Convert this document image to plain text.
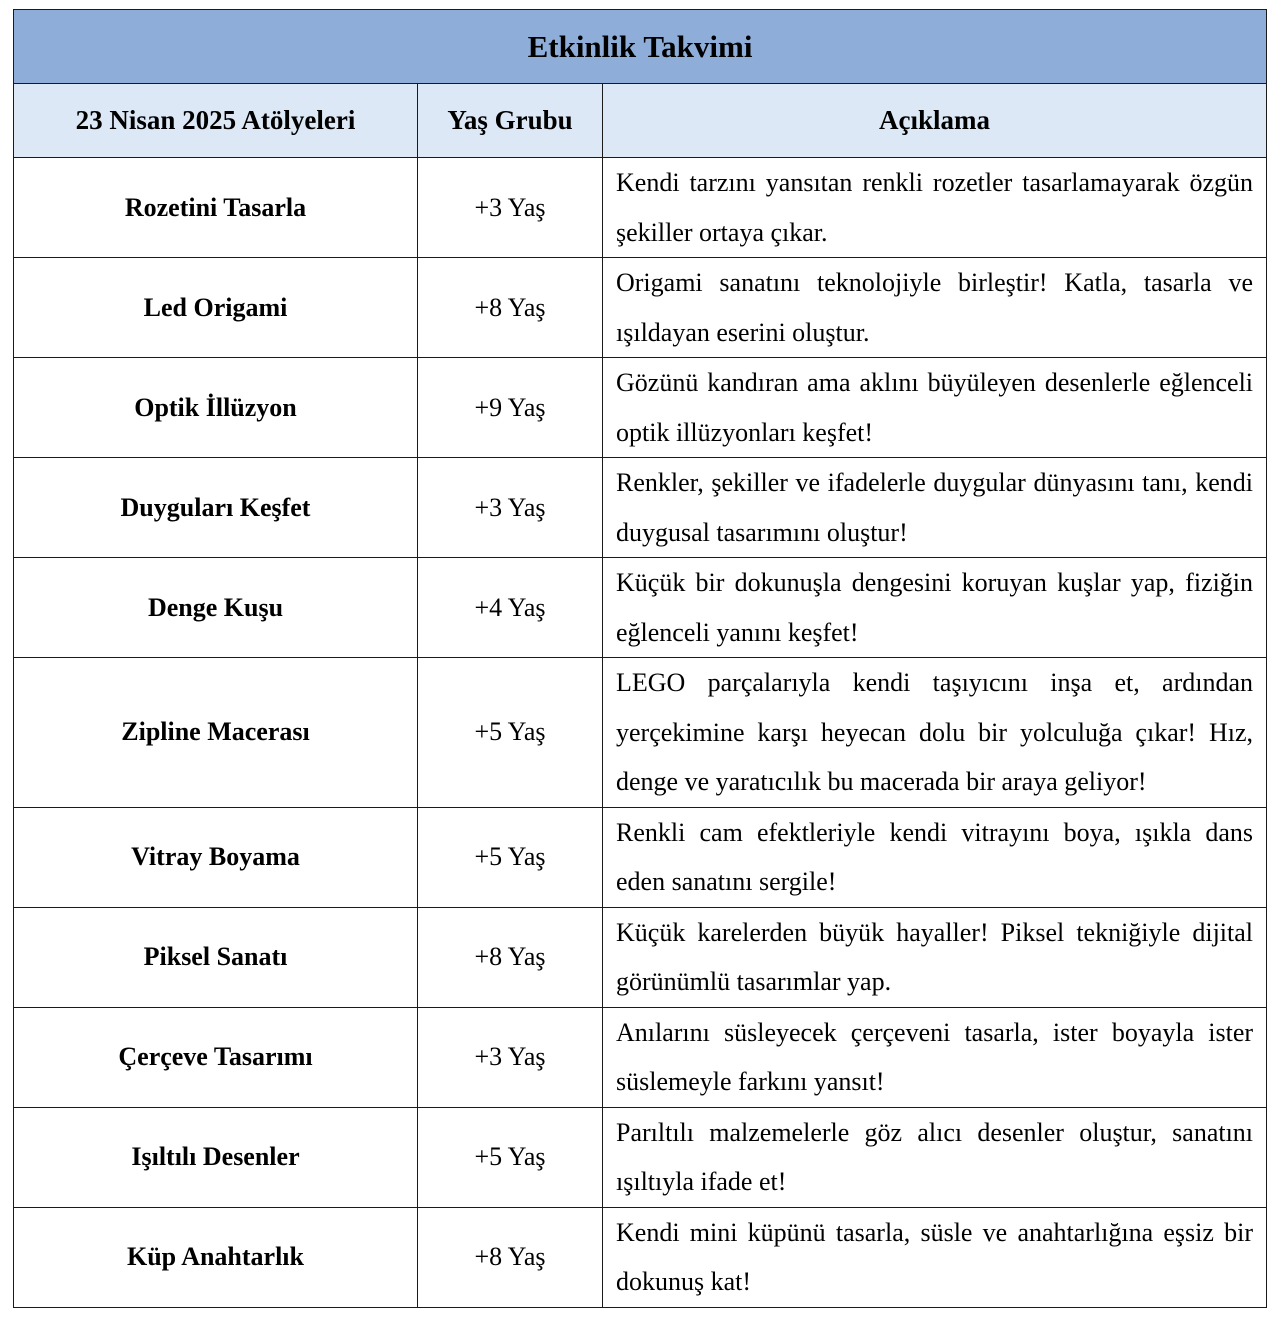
Etkinlik Takvimi		
23 Nisan 2025 Atölyeleri	Yaş Grubu	Açıklama
Rozetini Tasarla	+3 Yaş	Kendi tarzını yansıtan renkli rozetler tasarlamayarak özgün şekiller ortaya çıkar.
Led Origami	+8 Yaş	Origami sanatını teknolojiyle birleştir! Katla, tasarla ve ışıldayan eserini oluştur.
Optik İllüzyon	+9 Yaş	Gözünü kandıran ama aklını büyüleyen desenlerle eğlenceli optik illüzyonları keşfet!
Duyguları Keşfet	+3 Yaş	Renkler, şekiller ve ifadelerle duygular dünyasını tanı, kendi duygusal tasarımını oluştur!
Denge Kuşu	+4 Yaş	Küçük bir dokunuşla dengesini koruyan kuşlar yap, fiziğin eğlenceli yanını keşfet!
Zipline Macerası	+5 Yaş	LEGO parçalarıyla kendi taşıyıcını inşa et, ardından yerçekimine karşı heyecan dolu bir yolculuğa çıkar! Hız, denge ve yaratıcılık bu macerada bir araya geliyor!
Vitray Boyama	+5 Yaş	Renkli cam efektleriyle kendi vitrayını boya, ışıkla dans eden sanatını sergile!
Piksel Sanatı	+8 Yaş	Küçük karelerden büyük hayaller! Piksel tekniğiyle dijital görünümlü tasarımlar yap.
Çerçeve Tasarımı	+3 Yaş	Anılarını süsleyecek çerçeveni tasarla, ister boyayla ister süslemeyle farkını yansıt!
Işıltılı Desenler	+5 Yaş	Parıltılı malzemelerle göz alıcı desenler oluştur, sanatını ışıltıyla ifade et!
Küp Anahtarlık	+8 Yaş	Kendi mini küpünü tasarla, süsle ve anahtarlığına eşsiz bir dokunuş kat!
